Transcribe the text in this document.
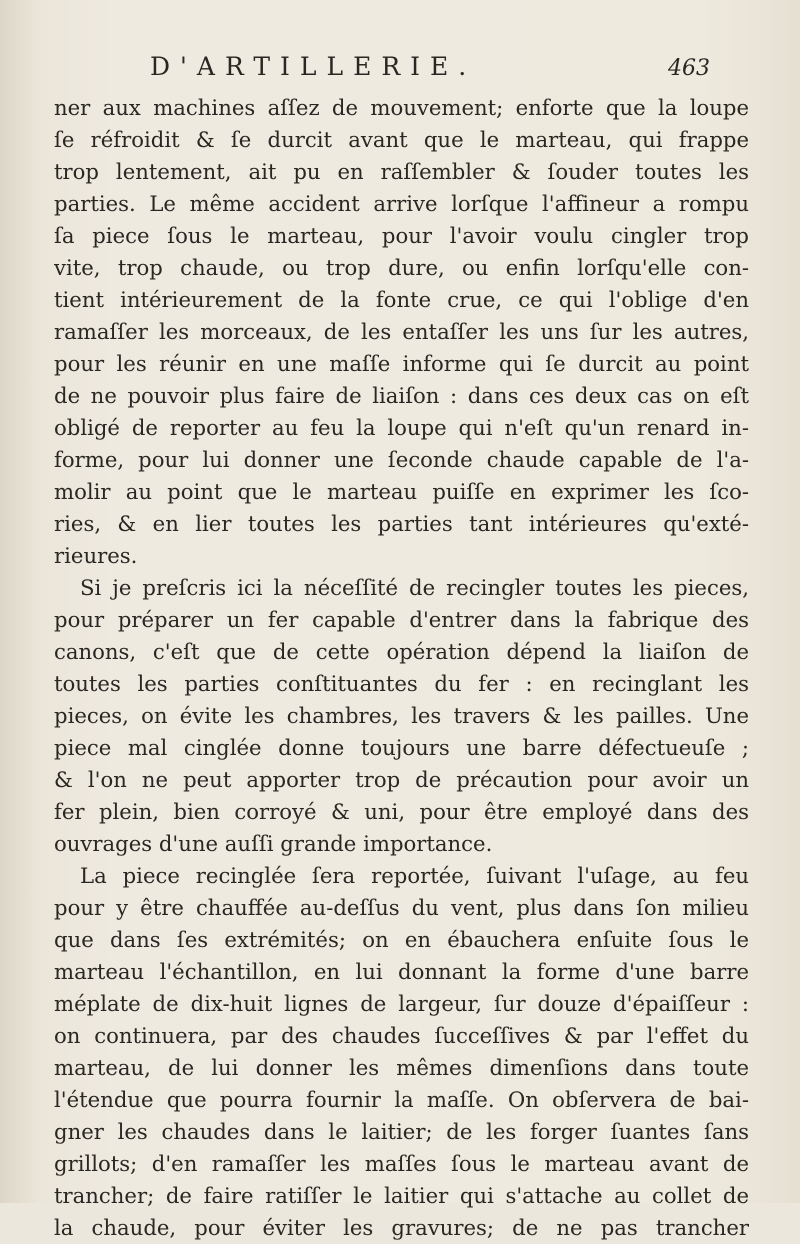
D'ARTILLERIE.	463
ner aux machines aſſez de mouvement; enforte que la loupe
ſe réfroidit & ſe durcit avant que le marteau, qui frappe
trop lentement, ait pu en raſſembler & ſouder toutes les
parties. Le même accident arrive lorſque l'affineur a rompu
ſa piece ſous le marteau, pour l'avoir voulu cingler trop
vite, trop chaude, ou trop dure, ou enfin lorſqu'elle con-
tient intérieurement de la fonte crue, ce qui l'oblige d'en
ramaſſer les morceaux, de les entaſſer les uns ſur les autres,
pour les réunir en une maſſe informe qui ſe durcit au point
de ne pouvoir plus faire de liaiſon : dans ces deux cas on eſt
obligé de reporter au feu la loupe qui n'eſt qu'un renard in-
forme, pour lui donner une ſeconde chaude capable de l'a-
molir au point que le marteau puiſſe en exprimer les ſco-
ries, & en lier toutes les parties tant intérieures qu'exté-
rieures.
Si je preſcris ici la néceſſité de recingler toutes les pieces,
pour préparer un fer capable d'entrer dans la fabrique des
canons, c'eſt que de cette opération dépend la liaiſon de
toutes les parties conſtituantes du fer : en recinglant les
pieces, on évite les chambres, les travers & les pailles. Une
piece mal cinglée donne toujours une barre défectueuſe ;
& l'on ne peut apporter trop de précaution pour avoir un
fer plein, bien corroyé & uni, pour être employé dans des
ouvrages d'une auſſi grande importance.
La piece recinglée ſera reportée, ſuivant l'uſage, au feu
pour y être chauffée au-deſſus du vent, plus dans ſon milieu
que dans ſes extrémités; on en ébauchera enſuite ſous le
marteau l'échantillon, en lui donnant la forme d'une barre
méplate de dix-huit lignes de largeur, ſur douze d'épaiſſeur :
on continuera, par des chaudes ſucceſſives & par l'effet du
marteau, de lui donner les mêmes dimenſions dans toute
l'étendue que pourra fournir la maſſe. On obſervera de bai-
gner les chaudes dans le laitier; de les forger ſuantes ſans
grillots; d'en ramaſſer les maſſes ſous le marteau avant de
trancher; de faire ratiſſer le laitier qui s'attache au collet de
la chaude, pour éviter les gravures; de ne pas trancher
